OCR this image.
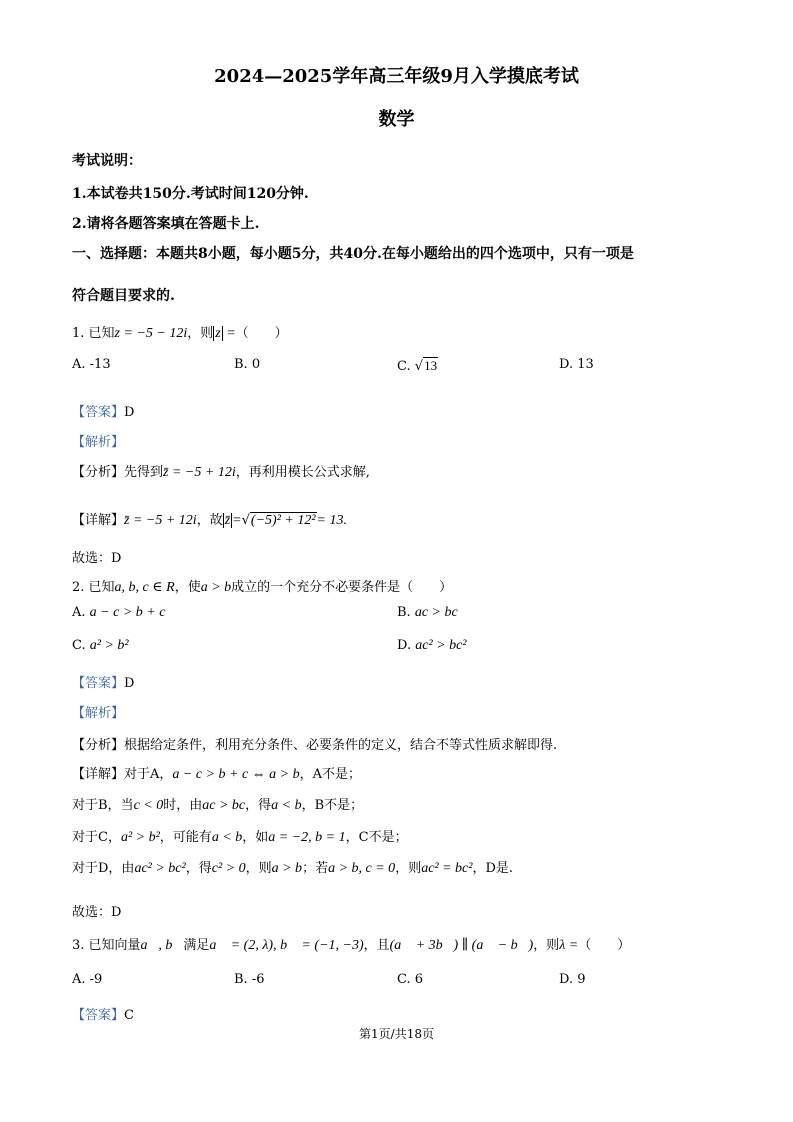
2024—2025学年高三年级9月入学摸底考试
数学
考试说明：
1.本试卷共150分.考试时间120分钟.
2.请将各题答案填在答题卡上.
一、选择题：本题共8小题，每小题5分，共40分.在每小题给出的四个选项中，只有一项是
符合题目要求的.
1. 已知z = −5 − 12i，则 z =（　　）
A. -13	B. 0	C. √13	D. 13
【答案】D
【解析】
【分析】先得到z̄ = −5 + 12i，再利用模长公式求解,
【详解】z̄ = −5 + 12i，故 z̄ =√(−5)² + 12²= 13.
故选：D
2. 已知a, b, c ∈ R，使a > b成立的一个充分不必要条件是（　　）
A. a − c > b + c	B. ac > bc
C. a² > b²	D. ac² > bc²
【答案】D
【解析】
【分析】根据给定条件，利用充分条件、必要条件的定义，结合不等式性质求解即得.
【详解】对于A，a − c > b + c ⇔ a > b，A不是；
对于B，当c < 0时，由ac > bc，得a < b，B不是；
对于C，a² > b²，可能有a < b，如a = −2, b = 1，C不是；
对于D，由ac² > bc²，得c² > 0，则a > b；若a > b, c = 0，则ac² = bc²，D是.
故选：D
3. 已知向量a⃗, b⃗满足a⃗ = (2, λ), b⃗ = (−1, −3)，且(a⃗ + 3b⃗) ∥ (a⃗ − b⃗)，则λ =（　　）
A. -9	B. -6	C. 6	D. 9
【答案】C
第1页/共18页
